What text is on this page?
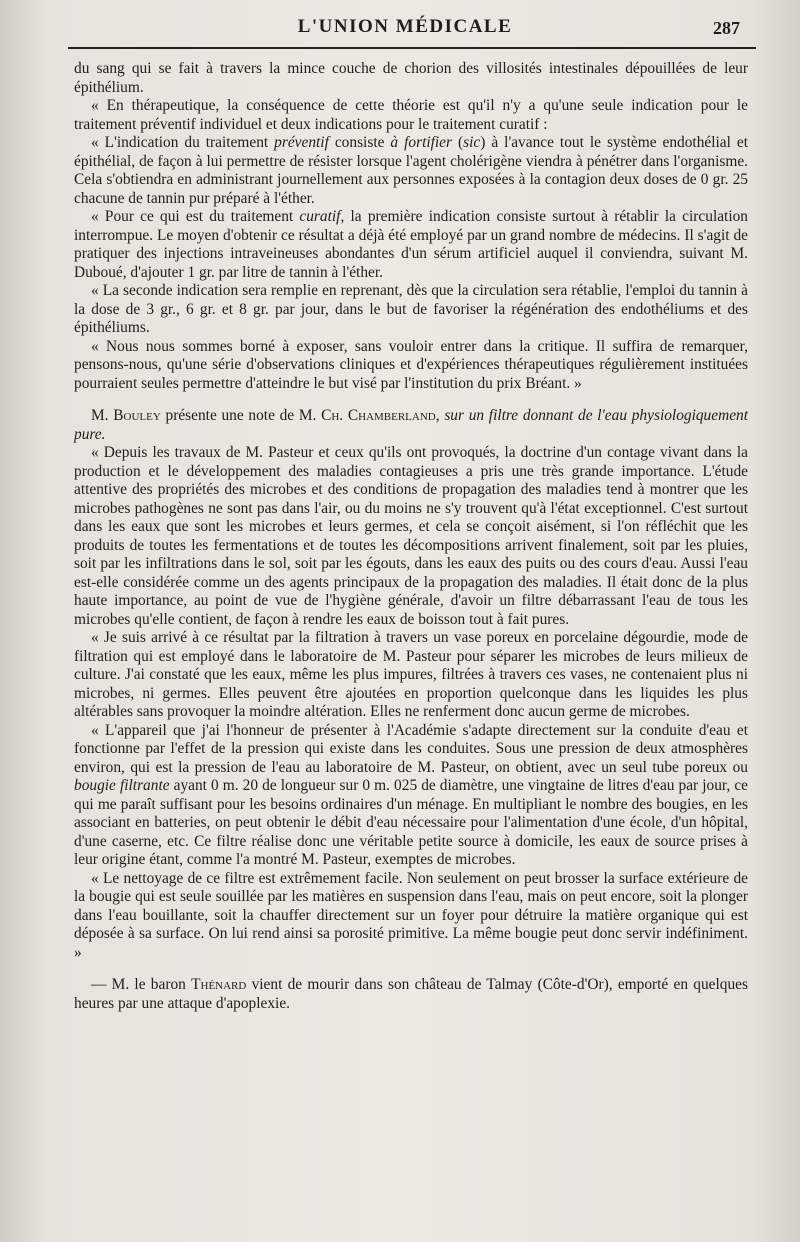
L'UNION MÉDICALE	287

du sang qui se fait à travers la mince couche de chorion des villosités intestinales dépouillées de leur épithélium.

« En thérapeutique, la conséquence de cette théorie est qu'il n'y a qu'une seule indication pour le traitement préventif individuel et deux indications pour le traitement curatif :

« L'indication du traitement préventif consiste à fortifier (sic) à l'avance tout le système endothélial et épithélial, de façon à lui permettre de résister lorsque l'agent cholérigène viendra à pénétrer dans l'organisme. Cela s'obtiendra en administrant journellement aux personnes exposées à la contagion deux doses de 0 gr. 25 chacune de tannin pur préparé à l'éther.

« Pour ce qui est du traitement curatif, la première indication consiste surtout à rétablir la circulation interrompue. Le moyen d'obtenir ce résultat a déjà été employé par un grand nombre de médecins. Il s'agit de pratiquer des injections intraveineuses abondantes d'un sérum artificiel auquel il conviendra, suivant M. Duboué, d'ajouter 1 gr. par litre de tannin à l'éther.

« La seconde indication sera remplie en reprenant, dès que la circulation sera rétablie, l'emploi du tannin à la dose de 3 gr., 6 gr. et 8 gr. par jour, dans le but de favoriser la régénération des endothéliums et des épithéliums.

« Nous nous sommes borné à exposer, sans vouloir entrer dans la critique. Il suffira de remarquer, pensons-nous, qu'une série d'observations cliniques et d'expériences thérapeutiques régulièrement instituées pourraient seules permettre d'atteindre le but visé par l'institution du prix Bréant. »

M. Bouley présente une note de M. Ch. Chamberland, sur un filtre donnant de l'eau physiologiquement pure.

« Depuis les travaux de M. Pasteur et ceux qu'ils ont provoqués, la doctrine d'un contage vivant dans la production et le développement des maladies contagieuses a pris une très grande importance. L'étude attentive des propriétés des microbes et des conditions de propagation des maladies tend à montrer que les microbes pathogènes ne sont pas dans l'air, ou du moins ne s'y trouvent qu'à l'état exceptionnel. C'est surtout dans les eaux que sont les microbes et leurs germes, et cela se conçoit aisément, si l'on réfléchit que les produits de toutes les fermentations et de toutes les décompositions arrivent finalement, soit par les pluies, soit par les infiltrations dans le sol, soit par les égouts, dans les eaux des puits ou des cours d'eau. Aussi l'eau est-elle considérée comme un des agents principaux de la propagation des maladies. Il était donc de la plus haute importance, au point de vue de l'hygiène générale, d'avoir un filtre débarrassant l'eau de tous les microbes qu'elle contient, de façon à rendre les eaux de boisson tout à fait pures.

« Je suis arrivé à ce résultat par la filtration à travers un vase poreux en porcelaine dégourdie, mode de filtration qui est employé dans le laboratoire de M. Pasteur pour séparer les microbes de leurs milieux de culture. J'ai constaté que les eaux, même les plus impures, filtrées à travers ces vases, ne contenaient plus ni microbes, ni germes. Elles peuvent être ajoutées en proportion quelconque dans les liquides les plus altérables sans provoquer la moindre altération. Elles ne renferment donc aucun germe de microbes.

« L'appareil que j'ai l'honneur de présenter à l'Académie s'adapte directement sur la conduite d'eau et fonctionne par l'effet de la pression qui existe dans les conduites. Sous une pression de deux atmosphères environ, qui est la pression de l'eau au laboratoire de M. Pasteur, on obtient, avec un seul tube poreux ou bougie filtrante ayant 0 m. 20 de longueur sur 0 m. 025 de diamètre, une vingtaine de litres d'eau par jour, ce qui me paraît suffisant pour les besoins ordinaires d'un ménage. En multipliant le nombre des bougies, en les associant en batteries, on peut obtenir le débit d'eau nécessaire pour l'alimentation d'une école, d'un hôpital, d'une caserne, etc. Ce filtre réalise donc une véritable petite source à domicile, les eaux de source prises à leur origine étant, comme l'a montré M. Pasteur, exemptes de microbes.

« Le nettoyage de ce filtre est extrêmement facile. Non seulement on peut brosser la surface extérieure de la bougie qui est seule souillée par les matières en suspension dans l'eau, mais on peut encore, soit la plonger dans l'eau bouillante, soit la chauffer directement sur un foyer pour détruire la matière organique qui est déposée à sa surface. On lui rend ainsi sa porosité primitive. La même bougie peut donc servir indéfiniment. »

— M. le baron Thénard vient de mourir dans son château de Talmay (Côte-d'Or), emporté en quelques heures par une attaque d'apoplexie.
